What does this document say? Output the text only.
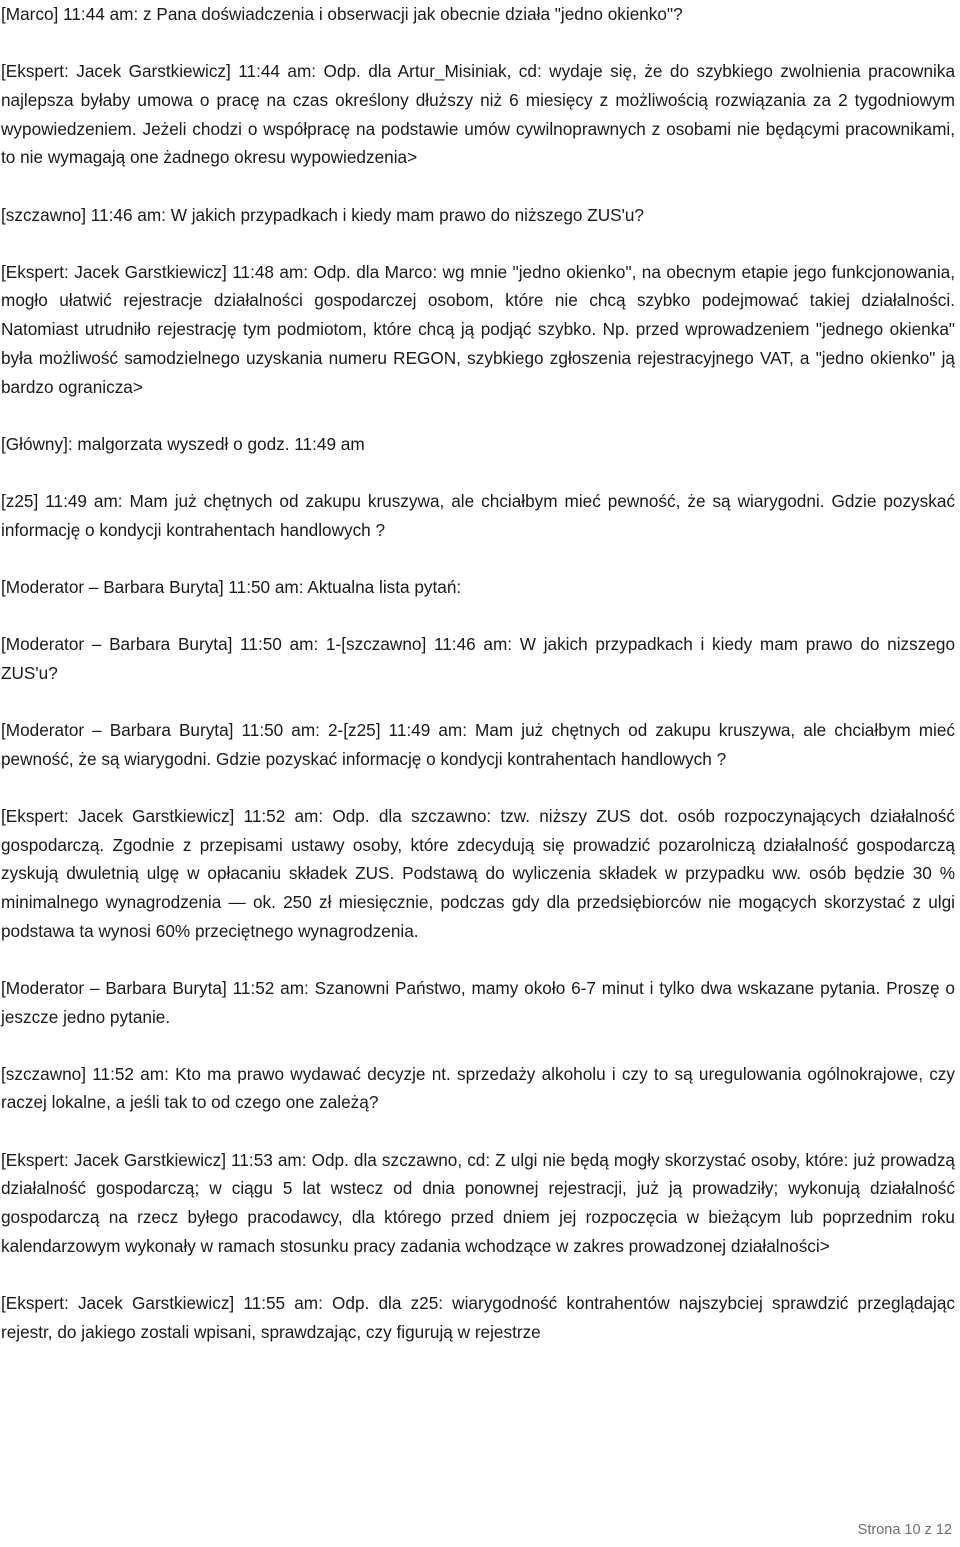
[Marco] 11:44 am: z Pana doświadczenia i obserwacji jak obecnie działa "jedno okienko"?

[Ekspert: Jacek Garstkiewicz] 11:44 am: Odp. dla Artur_Misiniak, cd: wydaje się, że do szybkiego zwolnienia pracownika najlepsza byłaby umowa o pracę na czas określony dłuższy niż 6 miesięcy z możliwością rozwiązania za 2 tygodniowym wypowiedzeniem. Jeżeli chodzi o współpracę na podstawie umów cywilnoprawnych z osobami nie będącymi pracownikami, to nie wymagają one żadnego okresu wypowiedzenia>

[szczawno] 11:46 am: W jakich przypadkach i kiedy mam prawo do niższego ZUS'u?

[Ekspert: Jacek Garstkiewicz] 11:48 am: Odp. dla Marco: wg mnie "jedno okienko", na obecnym etapie jego funkcjonowania, mogło ułatwić rejestracje działalności gospodarczej osobom, które nie chcą szybko podejmować takiej działalności. Natomiast utrudniło rejestrację tym podmiotom, które chcą ją podjąć szybko. Np. przed wprowadzeniem "jednego okienka" była możliwość samodzielnego uzyskania numeru REGON, szybkiego zgłoszenia rejestracyjnego VAT, a "jedno okienko" ją bardzo ogranicza>

[Główny]: malgorzata wyszedł o godz. 11:49 am

[z25] 11:49 am: Mam już chętnych od zakupu kruszywa, ale chciałbym mieć pewność, że są wiarygodni. Gdzie pozyskać informację o kondycji kontrahentach handlowych ?

[Moderator – Barbara Buryta] 11:50 am: Aktualna lista pytań:

[Moderator – Barbara Buryta] 11:50 am: 1-[szczawno] 11:46 am: W jakich przypadkach i kiedy mam prawo do nizszego ZUS'u?

[Moderator – Barbara Buryta] 11:50 am: 2-[z25] 11:49 am: Mam już chętnych od zakupu kruszywa, ale chciałbym mieć pewność, że są wiarygodni. Gdzie pozyskać informację o kondycji kontrahentach handlowych ?

[Ekspert: Jacek Garstkiewicz] 11:52 am: Odp. dla szczawno: tzw. niższy ZUS dot. osób rozpoczynających działalność gospodarczą. Zgodnie z przepisami ustawy osoby, które zdecydują się prowadzić pozarolniczą działalność gospodarczą zyskują dwuletnią ulgę w opłacaniu składek ZUS. Podstawą do wyliczenia składek w przypadku ww. osób będzie 30 % minimalnego wynagrodzenia — ok. 250 zł miesięcznie, podczas gdy dla przedsiębiorców nie mogących skorzystać z ulgi podstawa ta wynosi 60% przeciętnego wynagrodzenia.

[Moderator – Barbara Buryta] 11:52 am: Szanowni Państwo, mamy około 6-7 minut i tylko dwa wskazane pytania. Proszę o jeszcze jedno pytanie.

[szczawno] 11:52 am: Kto ma prawo wydawać decyzje nt. sprzedaży alkoholu i czy to są uregulowania ogólnokrajowe, czy raczej lokalne, a jeśli tak to od czego one zależą?

[Ekspert: Jacek Garstkiewicz] 11:53 am: Odp. dla szczawno, cd: Z ulgi nie będą mogły skorzystać osoby, które: już prowadzą działalność gospodarczą; w ciągu 5 lat wstecz od dnia ponownej rejestracji, już ją prowadziły; wykonują działalność gospodarczą na rzecz byłego pracodawcy, dla którego przed dniem jej rozpoczęcia w bieżącym lub poprzednim roku kalendarzowym wykonały w ramach stosunku pracy zadania wchodzące w zakres prowadzonej działalności>

[Ekspert: Jacek Garstkiewicz] 11:55 am: Odp. dla z25: wiarygodność kontrahentów najszybciej sprawdzić przeglądając rejestr, do jakiego zostali wpisani, sprawdzając, czy figurują w rejestrze

Strona 10 z 12
